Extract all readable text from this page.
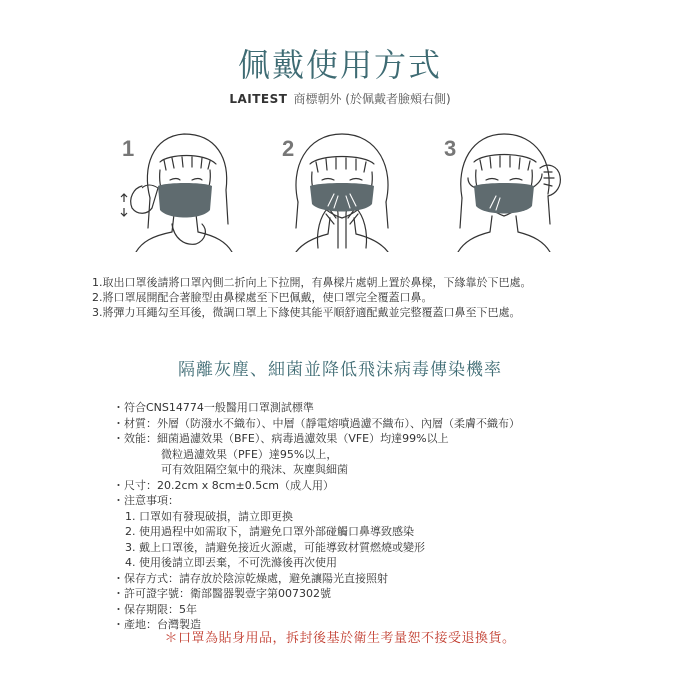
佩戴使用方式
LAITEST 商標朝外 (於佩戴者臉頰右側)
1	2	3
1.取出口罩後請將口罩內側二折向上下拉開，有鼻樑片處朝上置於鼻樑，下緣靠於下巴處。
2.將口罩展開配合著臉型由鼻樑處至下巴佩戴，使口罩完全覆蓋口鼻。
3.將彈力耳繩勾至耳後，微調口罩上下緣使其能平順舒適配戴並完整覆蓋口鼻至下巴處。
隔離灰塵、細菌並降低飛沫病毒傳染機率
・符合CNS14774一般醫用口罩測試標準
・材質：外層（防潑水不織布）、中層（靜電熔噴過濾不織布）、內層（柔膚不織布）
・效能：細菌過濾效果（BFE）、病毒過濾效果（VFE）均達99%以上
微粒過濾效果（PFE）達95%以上，
可有效阻隔空氣中的飛沫、灰塵與細菌
・尺寸：20.2cm x 8cm±0.5cm（成人用）
・注意事項：
1. 口罩如有發現破損，請立即更換
2. 使用過程中如需取下，請避免口罩外部碰觸口鼻導致感染
3. 戴上口罩後，請避免接近火源處，可能導致材質燃燒或變形
4. 使用後請立即丟棄，不可洗滌後再次使用
・保存方式：請存放於陰涼乾燥處，避免讓陽光直接照射
・許可證字號：衛部醫器製壹字第007302號
・保存期限：5年
・產地：台灣製造
＊口罩為貼身用品，拆封後基於衛生考量恕不接受退換貨。
